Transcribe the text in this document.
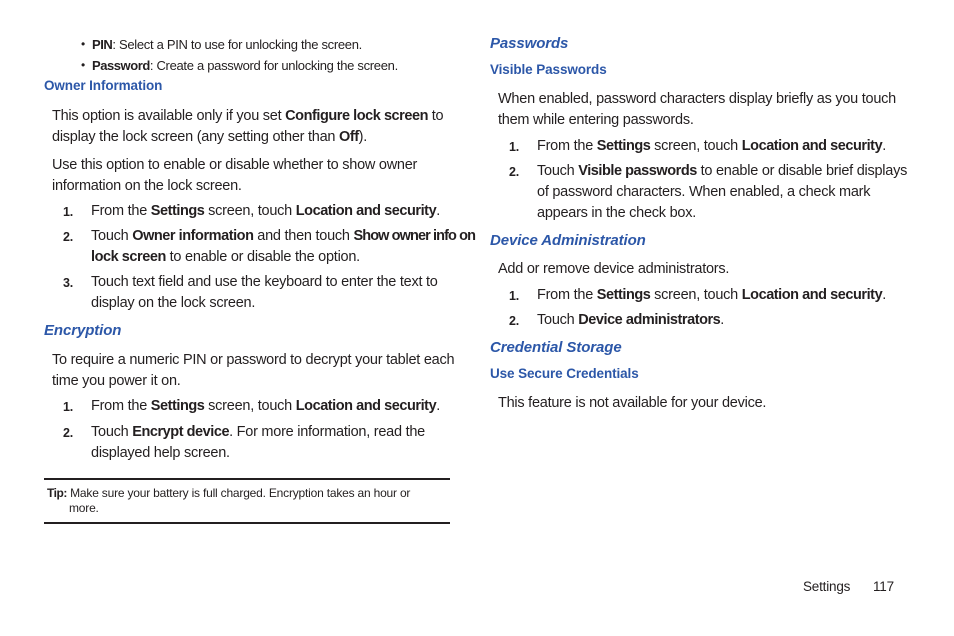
• PIN: Select a PIN to use for unlocking the screen.
• Password: Create a password for unlocking the screen.
Owner Information
This option is available only if you set Configure lock screen to
display the lock screen (any setting other than Off).
Use this option to enable or disable whether to show owner
information on the lock screen.
1. From the Settings screen, touch Location and security.
2. Touch Owner information and then touch Show owner info on
lock screen to enable or disable the option.
3. Touch text field and use the keyboard to enter the text to
display on the lock screen.
Encryption
To require a numeric PIN or password to decrypt your tablet each
time you power it on.
1. From the Settings screen, touch Location and security.
2. Touch Encrypt device. For more information, read the
displayed help screen.
Tip: Make sure your battery is full charged. Encryption takes an hour or
more.
Passwords
Visible Passwords
When enabled, password characters display briefly as you touch
them while entering passwords.
1. From the Settings screen, touch Location and security.
2. Touch Visible passwords to enable or disable brief displays
of password characters. When enabled, a check mark
appears in the check box.
Device Administration
Add or remove device administrators.
1. From the Settings screen, touch Location and security.
2. Touch Device administrators.
Credential Storage
Use Secure Credentials
This feature is not available for your device.
Settings 117
